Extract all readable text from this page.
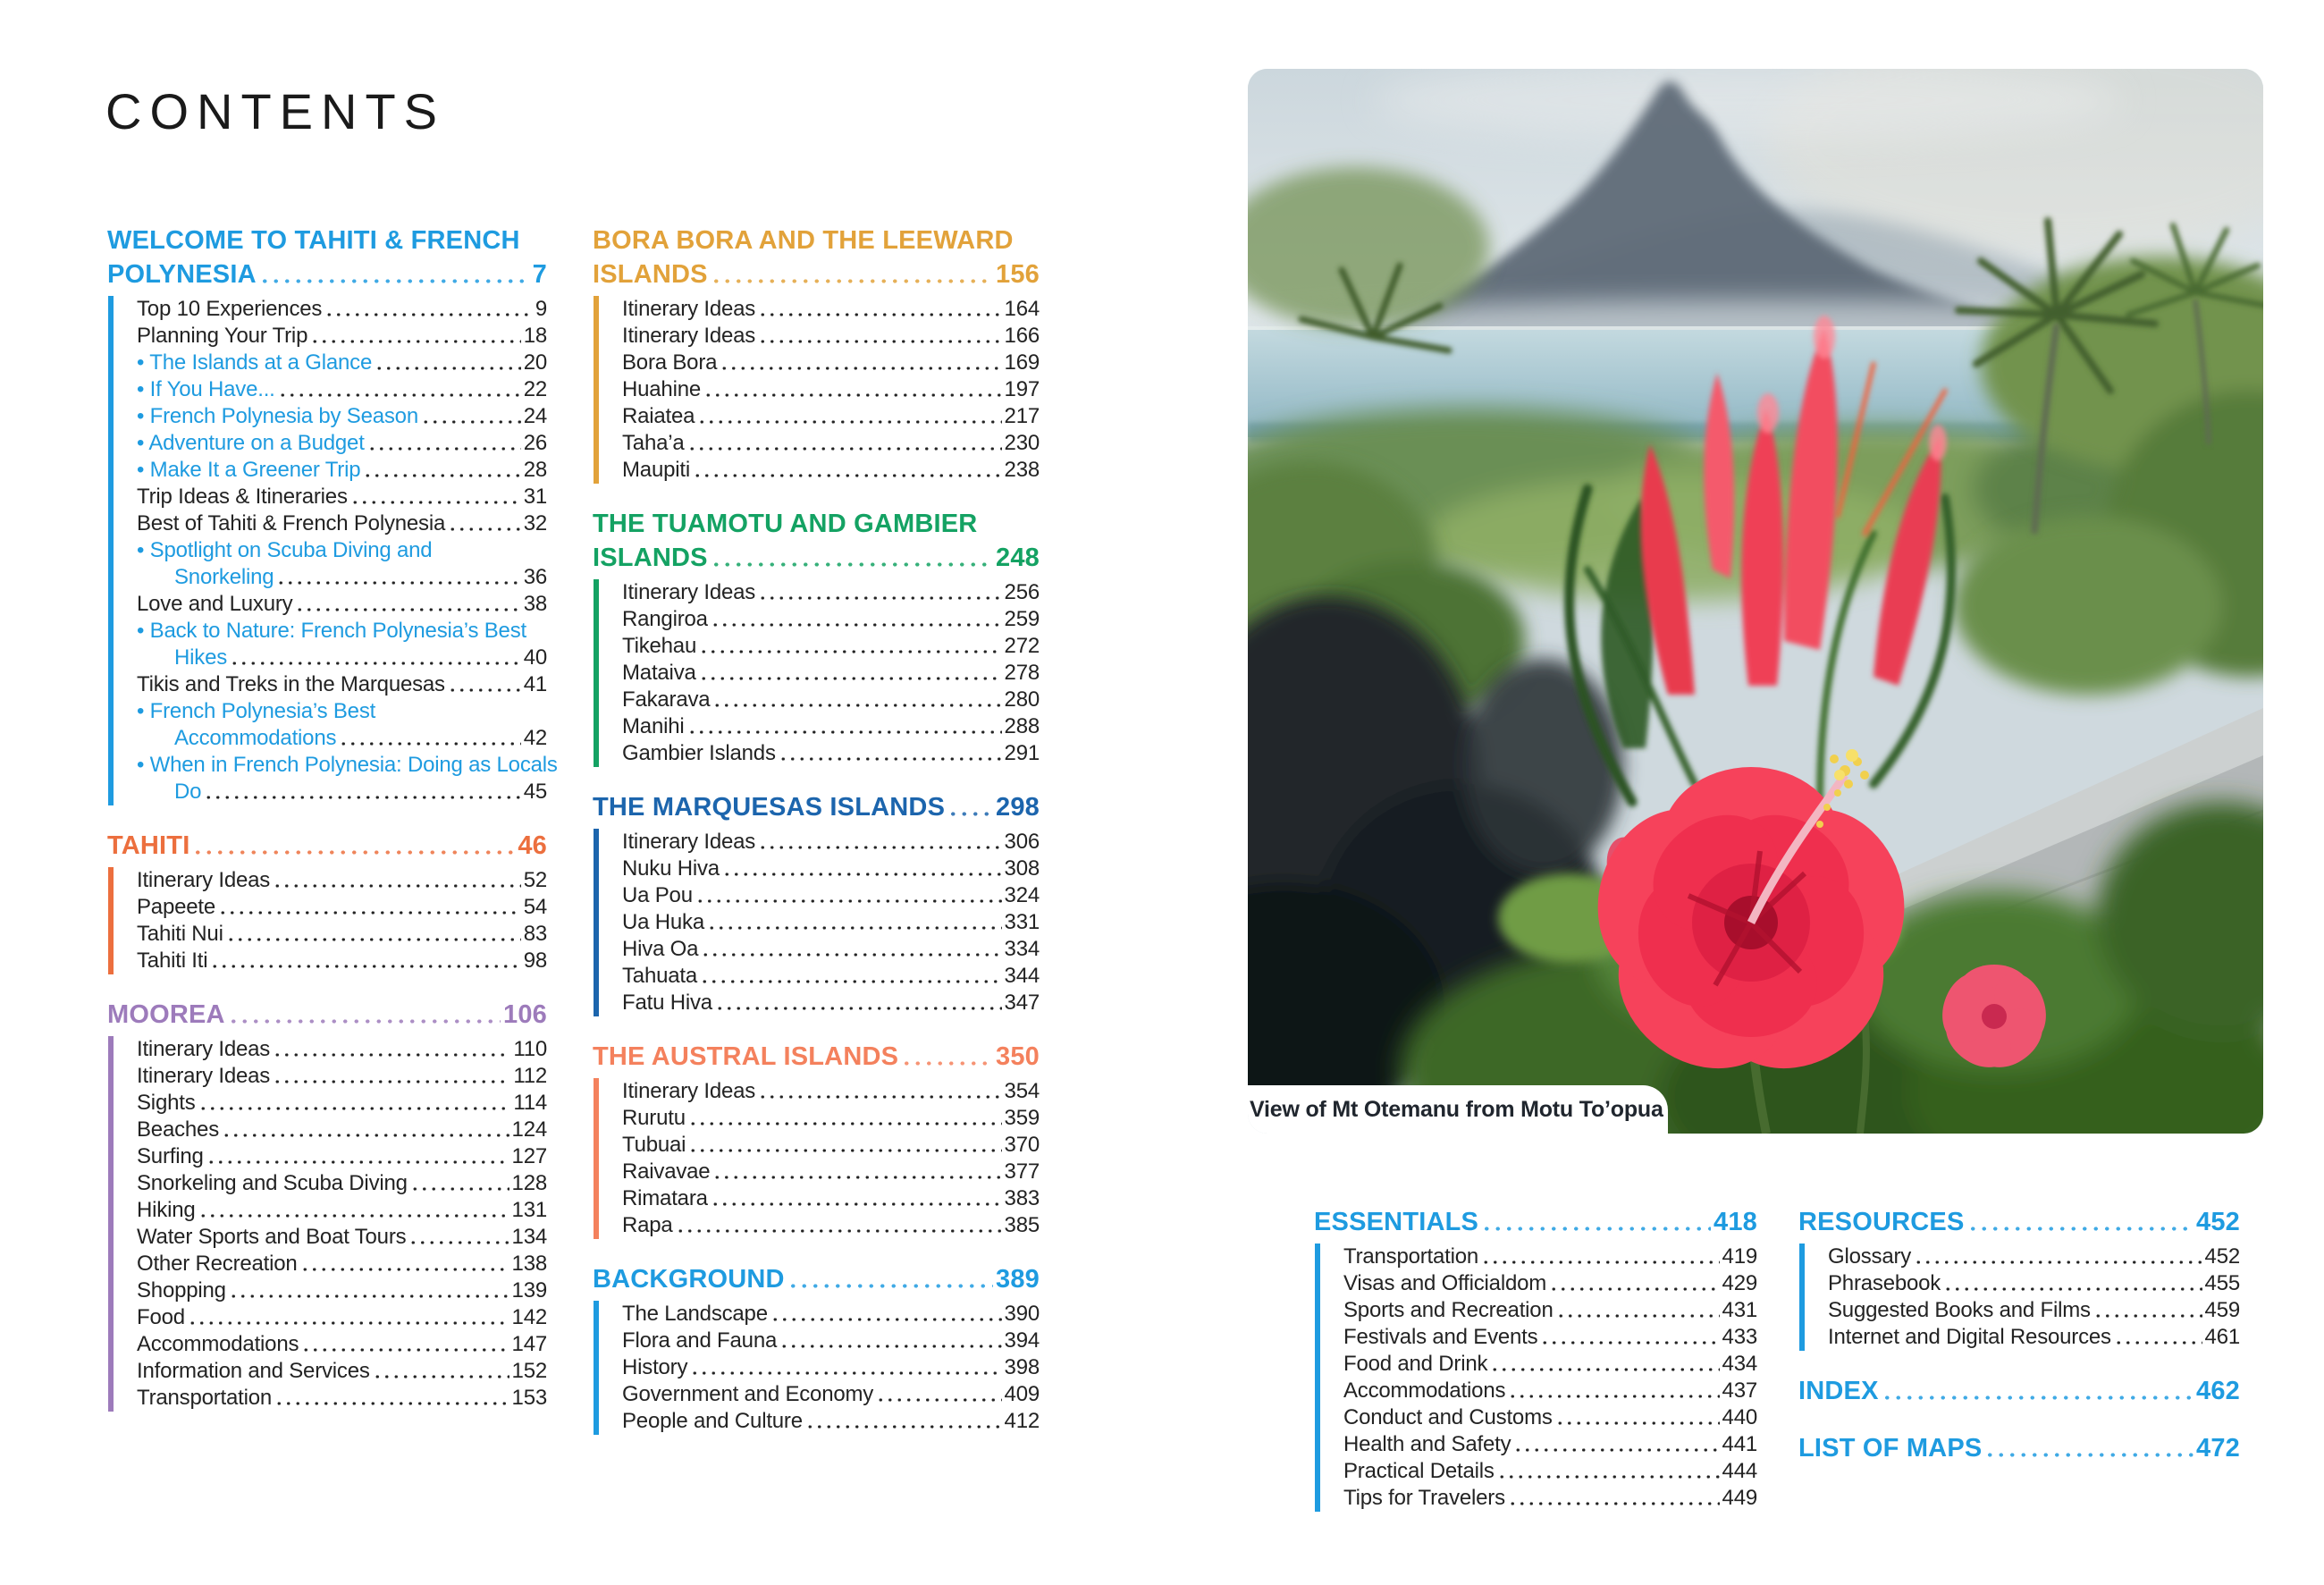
CONTENTS
WELCOME TO TAHITI & FRENCH
POLYNESIA	7
Top 10 Experiences	9
Planning Your Trip	18
• The Islands at a Glance	20
• If You Have...	22
• French Polynesia by Season	24
• Adventure on a Budget	26
• Make It a Greener Trip	28
Trip Ideas & Itineraries	31
Best of Tahiti & French Polynesia	32
• Spotlight on Scuba Diving and
Snorkeling	36
Love and Luxury	38
• Back to Nature: French Polynesia’s Best
Hikes	40
Tikis and Treks in the Marquesas	41
• French Polynesia’s Best
Accommodations	42
• When in French Polynesia: Doing as Locals
Do	45
TAHITI	46
Itinerary Ideas	52
Papeete	54
Tahiti Nui	83
Tahiti Iti	98
MOOREA	106
Itinerary Ideas	110
Itinerary Ideas	112
Sights	114
Beaches	124
Surfing	127
Snorkeling and Scuba Diving	128
Hiking	131
Water Sports and Boat Tours	134
Other Recreation	138
Shopping	139
Food	142
Accommodations	147
Information and Services	152
Transportation	153
BORA BORA AND THE LEEWARD
ISLANDS	156
Itinerary Ideas	164
Itinerary Ideas	166
Bora Bora	169
Huahine	197
Raiatea	217
Taha’a	230
Maupiti	238
THE TUAMOTU AND GAMBIER
ISLANDS	248
Itinerary Ideas	256
Rangiroa	259
Tikehau	272
Mataiva	278
Fakarava	280
Manihi	288
Gambier Islands	291
THE MARQUESAS ISLANDS 298
Itinerary Ideas	306
Nuku Hiva	308
Ua Pou	324
Ua Huka	331
Hiva Oa	334
Tahuata	344
Fatu Hiva	347
THE AUSTRAL ISLANDS	350
Itinerary Ideas	354
Rurutu	359
Tubuai	370
Raivavae	377
Rimatara	383
Rapa	385
BACKGROUND	389
The Landscape	390
Flora and Fauna	394
History	398
Government and Economy	409
People and Culture	412
ESSENTIALS	418
Transportation	419
Visas and Officialdom	429
Sports and Recreation	431
Festivals and Events	433
Food and Drink	434
Accommodations	437
Conduct and Customs	440
Health and Safety	441
Practical Details	444
Tips for Travelers	449
RESOURCES	452
Glossary	452
Phrasebook	455
Suggested Books and Films	459
Internet and Digital Resources	461
INDEX	462
LIST OF MAPS	472
View of Mt Otemanu from Motu To’opua
